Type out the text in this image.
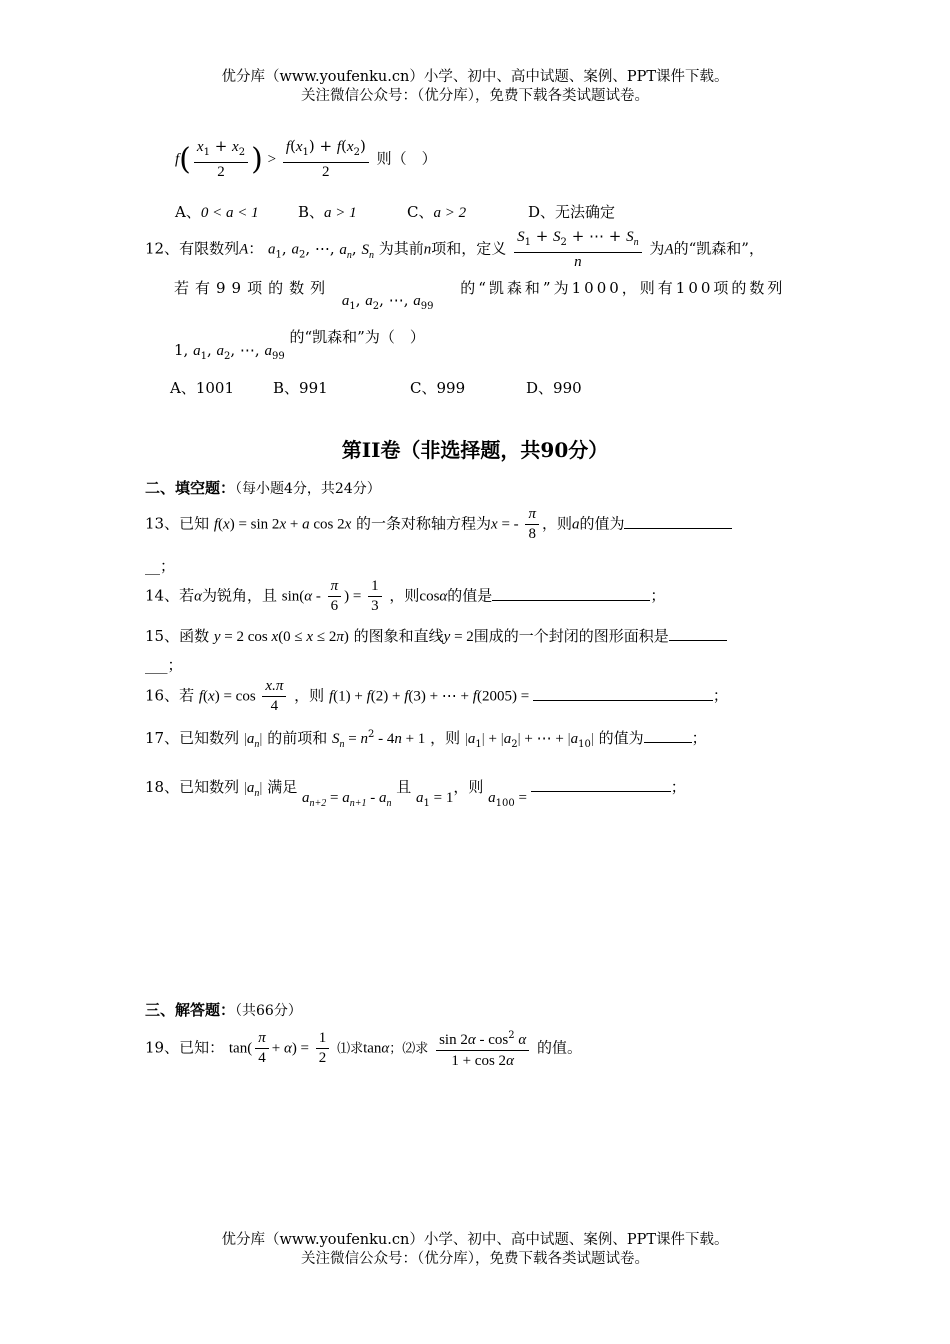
优分库（www.youfenku.cn）小学、初中、高中试题、案例、PPT课件下载。
关注微信公众号：（优分库），免费下载各类试题试卷。
$f( \frac{x_1 + x_2}{2}$ ) > $\frac{f(x_1) + f(x_2)}{2}$ 则（　）
A、0 < a < 1	B、a > 1	C、a > 2	D、无法确定
12、有限数列A： $a_1$, $a_2$, ⋯, $a_n$, $S_n$ 为其前n项和，定义 $\frac{S_1 + S_2 + \cdots + S_n}{n}$ 为A的“凯森和”，
若有99项的数列 $a_1$, $a_2$, ⋯, $a_{99}$ 的“凯森和”为1000，则有100项的数列
1, $a_1$, $a_2$, ⋯, $a_{99}$ 的“凯森和”为（　）
A、1001	B、991	C、999	D、990
第II卷（非选择题，共90分）
二、填空题：（每小题4分，共24分）
13、已知 f(x) = sin 2x + a cos 2x 的一条对称轴方程为x = - $\frac{\pi}{8}$ ，则a的值为
__；
14、若α为锐角，且 $\sin(\alpha - \frac{\pi}{6}$ ) = $\frac{1}{3}$ ，则cosα的值是	；
15、函数 y = 2 cos x(0 ≤ x ≤ 2π) 的图象和直线y = 2围成的一个封闭的图形面积是
___；
16、若 $f(x) = \cos \frac{x.\pi}{4}$ ，则 f(1) + f(2) + f(3) + ⋯ + f(2005) =	；
17、已知数列 $|a_n|$ 的前项和 $S_n = n^2 - 4n + 1$ ，则 $|a_1| + |a_2|$ + ⋯ + $|a_{10}|$ 的值为	；
18、已知数列 $|a_n|$ 满足 $a_{n+2} = a_{n+1} - a_n$ 且 $a_1 = 1$，则 $a_{100}$ = ；
三、解答题：（共66分）
19、已知： $\tan( \frac{\pi}{4} + \alpha) = \frac{1}{2}$ ⑴求tanα；⑵求 $\frac{\sin 2\alpha - \cos^2 \alpha}{1 + \cos 2\alpha}$ 的值。
优分库（www.youfenku.cn）小学、初中、高中试题、案例、PPT课件下载。
关注微信公众号：（优分库），免费下载各类试题试卷。
